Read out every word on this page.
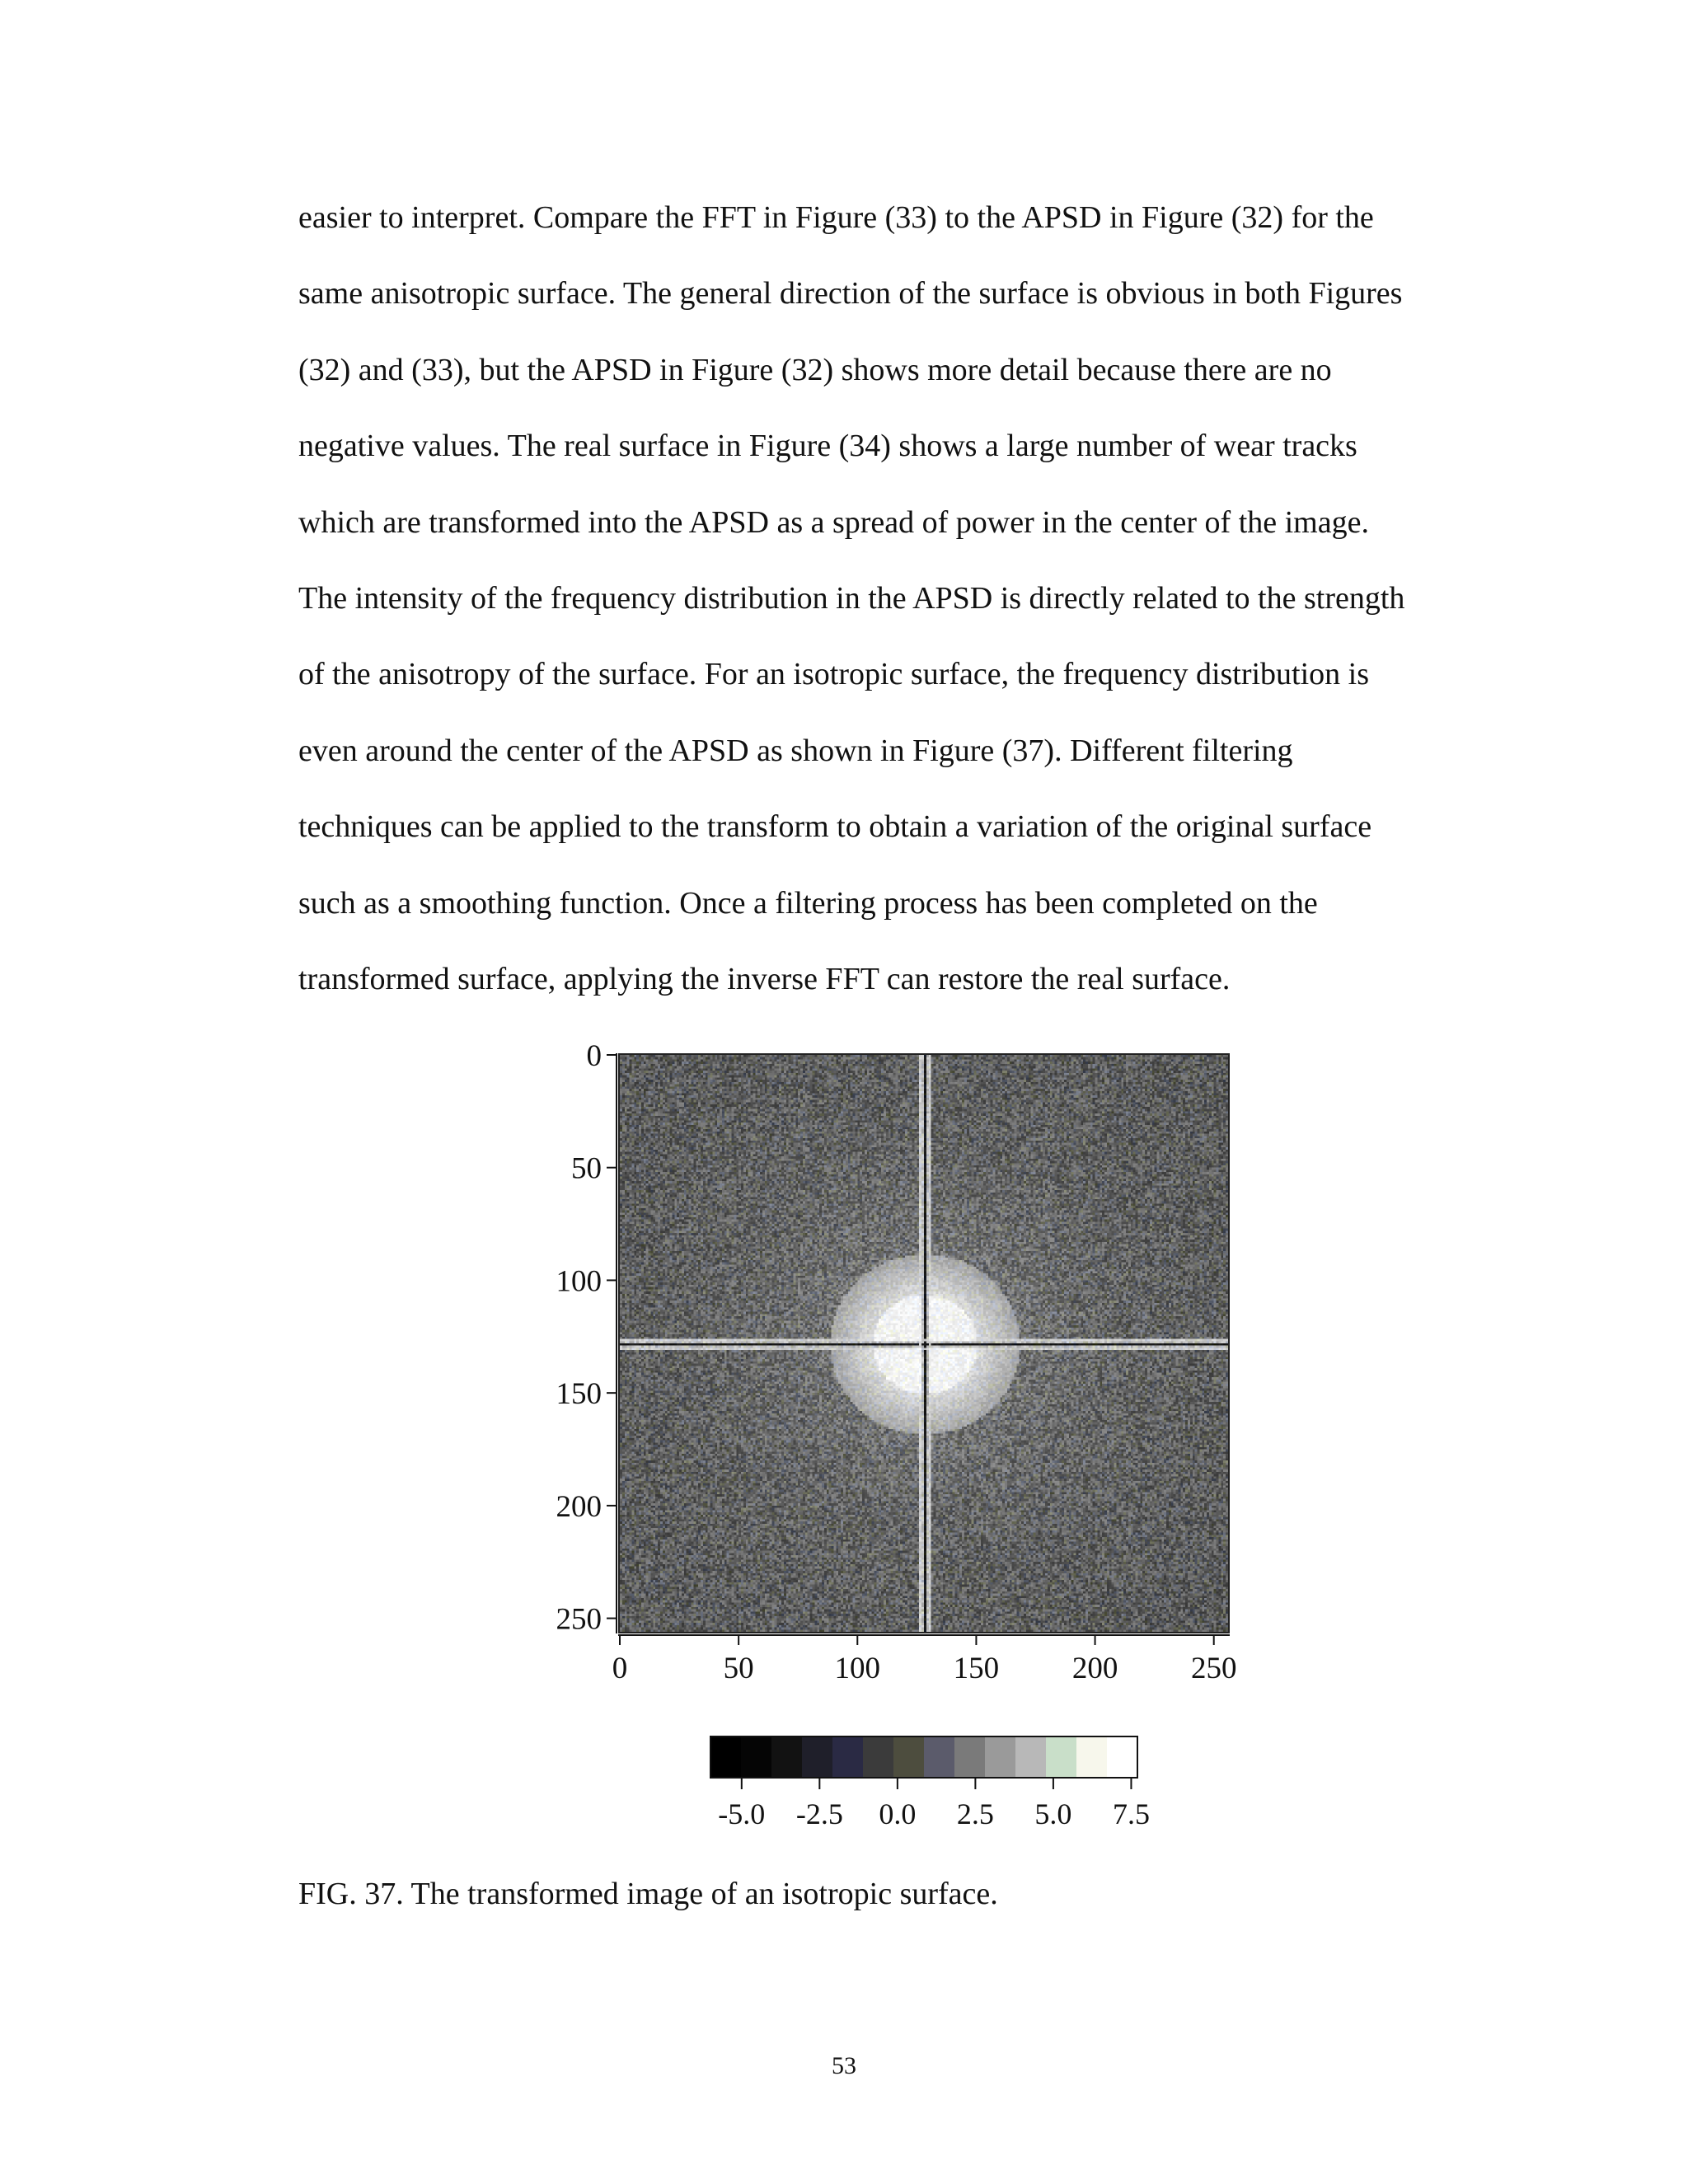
easier to interpret. Compare the FFT in Figure (33) to the APSD in Figure (32) for the
same anisotropic surface. The general direction of the surface is obvious in both Figures
(32) and (33), but the APSD in Figure (32) shows more detail because there are no
negative values. The real surface in Figure (34) shows a large number of wear tracks
which are transformed into the APSD as a spread of power in the center of the image.
The intensity of the frequency distribution in the APSD is directly related to the strength
of the anisotropy of the surface. For an isotropic surface, the frequency distribution is
even around the center of the APSD as shown in Figure (37). Different filtering
techniques can be applied to the transform to obtain a variation of the original surface
such as a smoothing function. Once a filtering process has been completed on the
transformed surface, applying the inverse FFT can restore the real surface.
0
50
100
150
200
250
0	50	100 150 200 250
-5.0 -2.5 0.0 2.5 5.0 7.5
FIG. 37. The transformed image of an isotropic surface.
53
